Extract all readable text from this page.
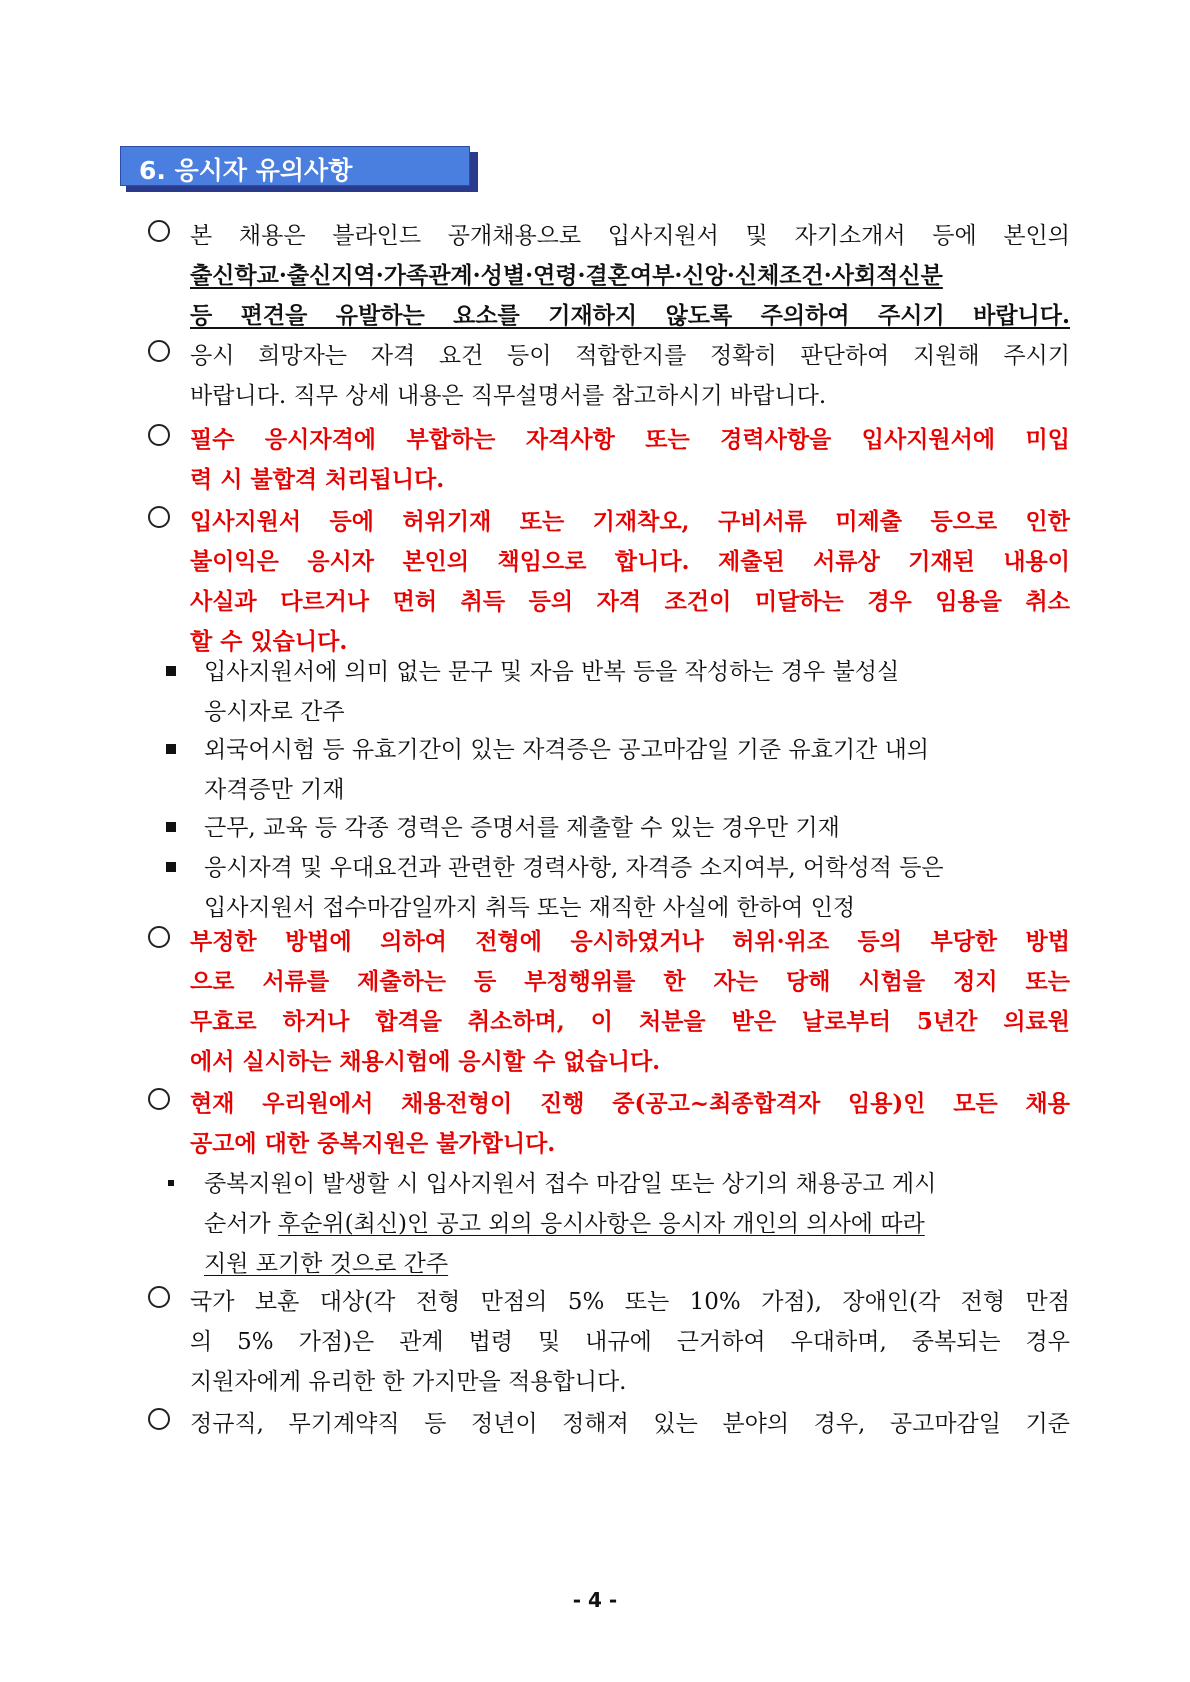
6. 응시자 유의사항
본 채용은 블라인드 공개채용으로 입사지원서 및 자기소개서 등에 본인의
출신학교·출신지역·가족관계·성별·연령·결혼여부·신앙·신체조건·사회적신분
등 편견을 유발하는 요소를 기재하지 않도록 주의하여 주시기 바랍니다.
응시 희망자는 자격 요건 등이 적합한지를 정확히 판단하여 지원해 주시기
바랍니다. 직무 상세 내용은 직무설명서를 참고하시기 바랍니다.
필수 응시자격에 부합하는 자격사항 또는 경력사항을 입사지원서에 미입
력 시 불합격 처리됩니다.
입사지원서 등에 허위기재 또는 기재착오, 구비서류 미제출 등으로 인한
불이익은 응시자 본인의 책임으로 합니다. 제출된 서류상 기재된 내용이
사실과 다르거나 면허 취득 등의 자격 조건이 미달하는 경우 임용을 취소
할 수 있습니다.
입사지원서에 의미 없는 문구 및 자음 반복 등을 작성하는 경우 불성실
응시자로 간주
외국어시험 등 유효기간이 있는 자격증은 공고마감일 기준 유효기간 내의
자격증만 기재
근무, 교육 등 각종 경력은 증명서를 제출할 수 있는 경우만 기재
응시자격 및 우대요건과 관련한 경력사항, 자격증 소지여부, 어학성적 등은
입사지원서 접수마감일까지 취득 또는 재직한 사실에 한하여 인정
부정한 방법에 의하여 전형에 응시하였거나 허위·위조 등의 부당한 방법
으로 서류를 제출하는 등 부정행위를 한 자는 당해 시험을 정지 또는
무효로 하거나 합격을 취소하며, 이 처분을 받은 날로부터 5년간 의료원
에서 실시하는 채용시험에 응시할 수 없습니다.
현재 우리원에서 채용전형이 진행 중(공고~최종합격자 임용)인 모든 채용
공고에 대한 중복지원은 불가합니다.
중복지원이 발생할 시 입사지원서 접수 마감일 또는 상기의 채용공고 게시
순서가 후순위(최신)인 공고 외의 응시사항은 응시자 개인의 의사에 따라
지원 포기한 것으로 간주
국가 보훈 대상(각 전형 만점의 5% 또는 10% 가점), 장애인(각 전형 만점
의 5% 가점)은 관계 법령 및 내규에 근거하여 우대하며, 중복되는 경우
지원자에게 유리한 한 가지만을 적용합니다.
정규직, 무기계약직 등 정년이 정해져 있는 분야의 경우, 공고마감일 기준
- 4 -
